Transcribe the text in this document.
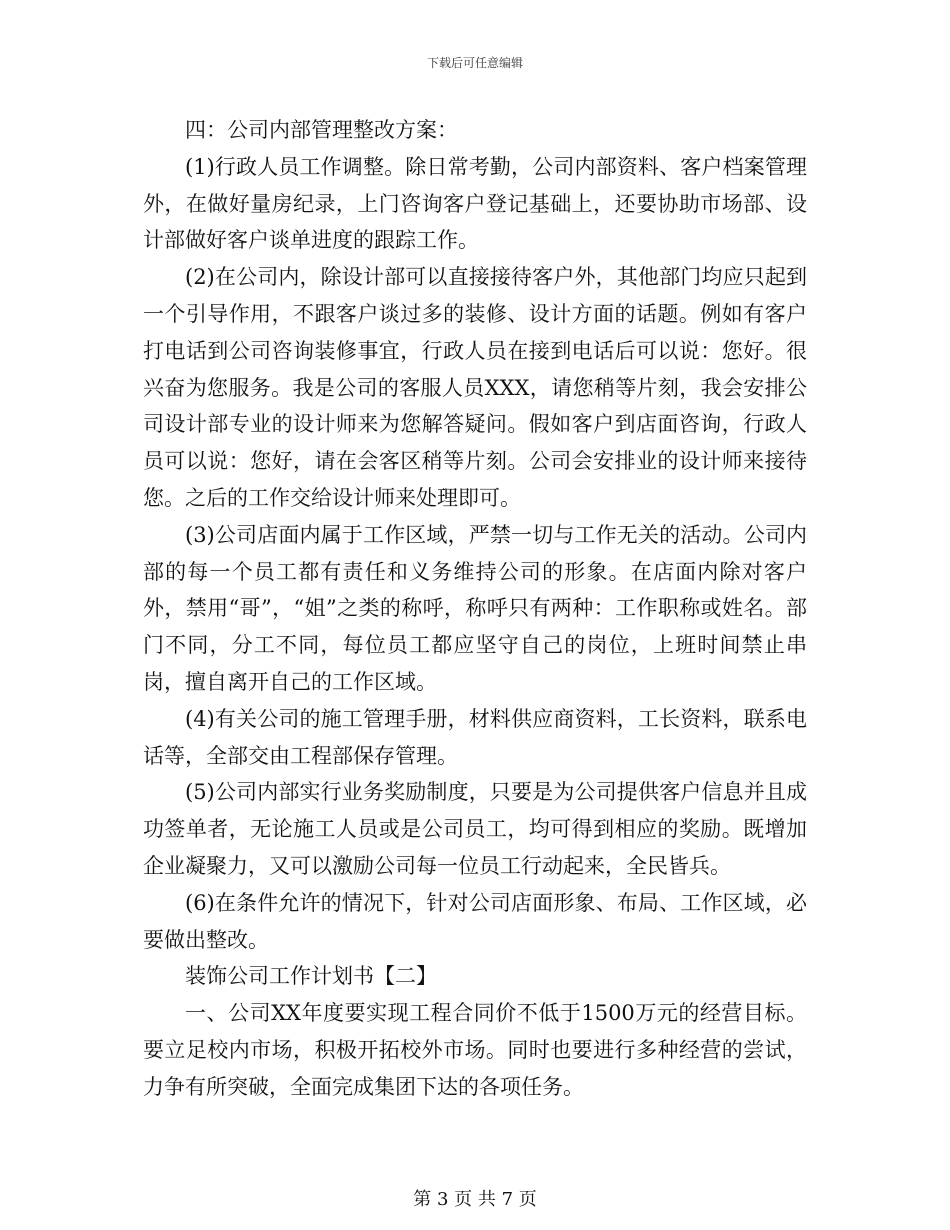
下载后可任意编辑

四：公司内部管理整改方案：

(1)行政人员工作调整。除日常考勤，公司内部资料、客户档案管理外，在做好量房纪录，上门咨询客户登记基础上，还要协助市场部、设计部做好客户谈单进度的跟踪工作。

(2)在公司内，除设计部可以直接接待客户外，其他部门均应只起到一个引导作用，不跟客户谈过多的装修、设计方面的话题。例如有客户打电话到公司咨询装修事宜，行政人员在接到电话后可以说：您好。很兴奋为您服务。我是公司的客服人员XXX，请您稍等片刻，我会安排公司设计部专业的设计师来为您解答疑问。假如客户到店面咨询，行政人员可以说：您好，请在会客区稍等片刻。公司会安排业的设计师来接待您。之后的工作交给设计师来处理即可。

(3)公司店面内属于工作区域，严禁一切与工作无关的活动。公司内部的每一个员工都有责任和义务维持公司的形象。在店面内除对客户外，禁用“哥”，“姐”之类的称呼，称呼只有两种：工作职称或姓名。部门不同，分工不同，每位员工都应坚守自己的岗位，上班时间禁止串岗，擅自离开自己的工作区域。

(4)有关公司的施工管理手册，材料供应商资料，工长资料，联系电话等，全部交由工程部保存管理。

(5)公司内部实行业务奖励制度，只要是为公司提供客户信息并且成功签单者，无论施工人员或是公司员工，均可得到相应的奖励。既增加企业凝聚力，又可以激励公司每一位员工行动起来，全民皆兵。

(6)在条件允许的情况下，针对公司店面形象、布局、工作区域，必要做出整改。

装饰公司工作计划书【二】

一、公司XX年度要实现工程合同价不低于1500万元的经营目标。要立足校内市场，积极开拓校外市场。同时也要进行多种经营的尝试，力争有所突破，全面完成集团下达的各项任务。

第 3 页 共 7 页
